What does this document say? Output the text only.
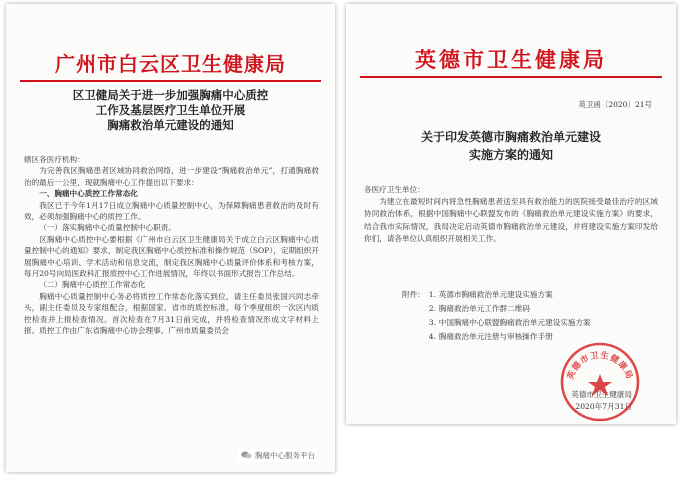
广州市白云区卫生健康局
区卫健局关于进一步加强胸痛中心质控
工作及基层医疗卫生单位开展
胸痛救治单元建设的通知

辖区各医疗机构：

为完善我区胸痛患者区域协同救治网络，进一步建设“胸痛救治单元”，打通胸痛救治的最后一公里，现就胸痛中心工作提出以下要求：

一、胸痛中心质控工作常态化

我区已于今年1月17日成立胸痛中心质量控制中心，为保障胸痛患者救治的及时有效，必须加强胸痛中心的质控工作。

（一）落实胸痛中心质量控制中心职责。

区胸痛中心质控中心要根据《广州市白云区卫生健康局关于成立白云区胸痛中心质量控制中心的通知》要求，制定我区胸痛中心质控标准和操作规范（SOP），定期组织开展胸痛中心培训、学术活动和信息交流，制定我区胸痛中心质量评价体系和考核方案，每月20号向局医政科汇报质控中心工作进展情况，年终以书面形式报告工作总结。

（二）胸痛中心质控工作常态化

胸痛中心质量控制中心务必将质控工作常态化落实到位，请主任委员张国兴同志牵头，副主任委员及专家组配合，根据国家、省市的质控标准，每个季度组织一次区内质控检查并上报检查情况。首次检查在7月31日前完成，并将检查情况形成文字材料上报。质控工作由广东省胸痛中心协会理事、广州市质量委员会

英德市卫生健康局
英卫函〔2020〕21号
关于印发英德市胸痛救治单元建设
实施方案的通知

各医疗卫生单位：

为建立在最短时间内将急性胸痛患者送至具有救治能力的医院接受最佳治疗的区域协同救治体系，根据中国胸痛中心联盟发布的《胸痛救治单元建设实施方案》的要求，结合我市实际情况，我局决定启动英德市胸痛救治单元建设，并将建设实施方案印发给你们，请各单位认真组织开展相关工作。

附件： 1. 英德市胸痛救治单元建设实施方案
2. 胸痛救治单元工作群二维码
3. 中国胸痛中心联盟胸痛救治单元建设实施方案
4. 胸痛救治单元注册与审核操作手册
英德市卫生健康局
2020年7月31日
英德市卫生健康局
胸痛中心服务平台
